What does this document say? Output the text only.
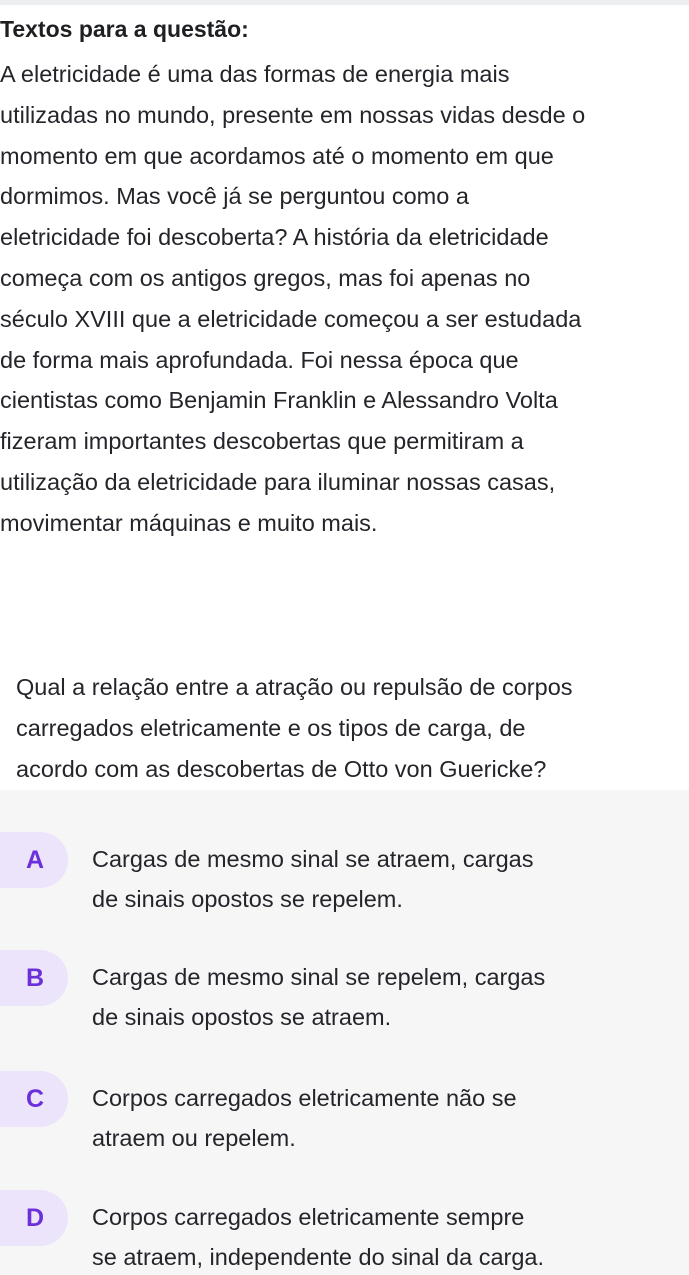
Textos para a questão:
A eletricidade é uma das formas de energia mais
utilizadas no mundo, presente em nossas vidas desde o
momento em que acordamos até o momento em que
dormimos. Mas você já se perguntou como a
eletricidade foi descoberta? A história da eletricidade
começa com os antigos gregos, mas foi apenas no
século XVIII que a eletricidade começou a ser estudada
de forma mais aprofundada. Foi nessa época que
cientistas como Benjamin Franklin e Alessandro Volta
fizeram importantes descobertas que permitiram a
utilização da eletricidade para iluminar nossas casas,
movimentar máquinas e muito mais.
Qual a relação entre a atração ou repulsão de corpos
carregados eletricamente e os tipos de carga, de
acordo com as descobertas de Otto von Guericke?
A	Cargas de mesmo sinal se atraem, cargas
de sinais opostos se repelem.
B	Cargas de mesmo sinal se repelem, cargas
de sinais opostos se atraem.
C	Corpos carregados eletricamente não se
atraem ou repelem.
D	Corpos carregados eletricamente sempre
se atraem, independente do sinal da carga.
